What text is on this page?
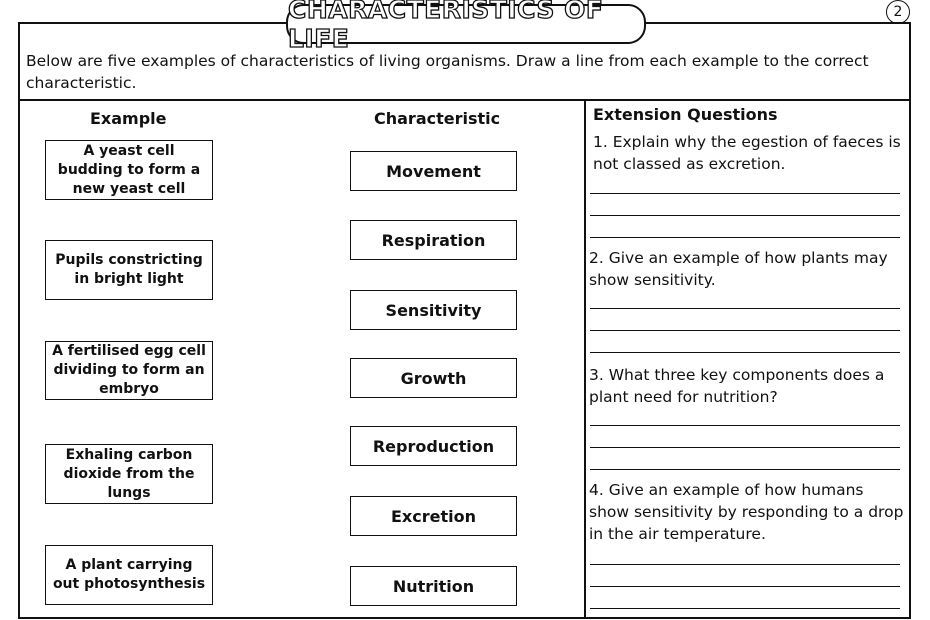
CHARACTERISTICS OF LIFE
2
Below are five examples of characteristics of living organisms. Draw a line from each example to the correct characteristic.
Example	Characteristic
A yeast cell budding to form a new yeast cell
Pupils constricting in bright light
A fertilised egg cell dividing to form an embryo
Exhaling carbon dioxide from the lungs
A plant carrying out photosynthesis
Movement
Respiration
Sensitivity
Growth
Reproduction
Excretion
Nutrition
Extension Questions
1. Explain why the egestion of faeces is not classed as excretion.
2. Give an example of how plants may show sensitivity.
3. What three key components does a plant need for nutrition?
4. Give an example of how humans show sensitivity by responding to a drop in the air temperature.
